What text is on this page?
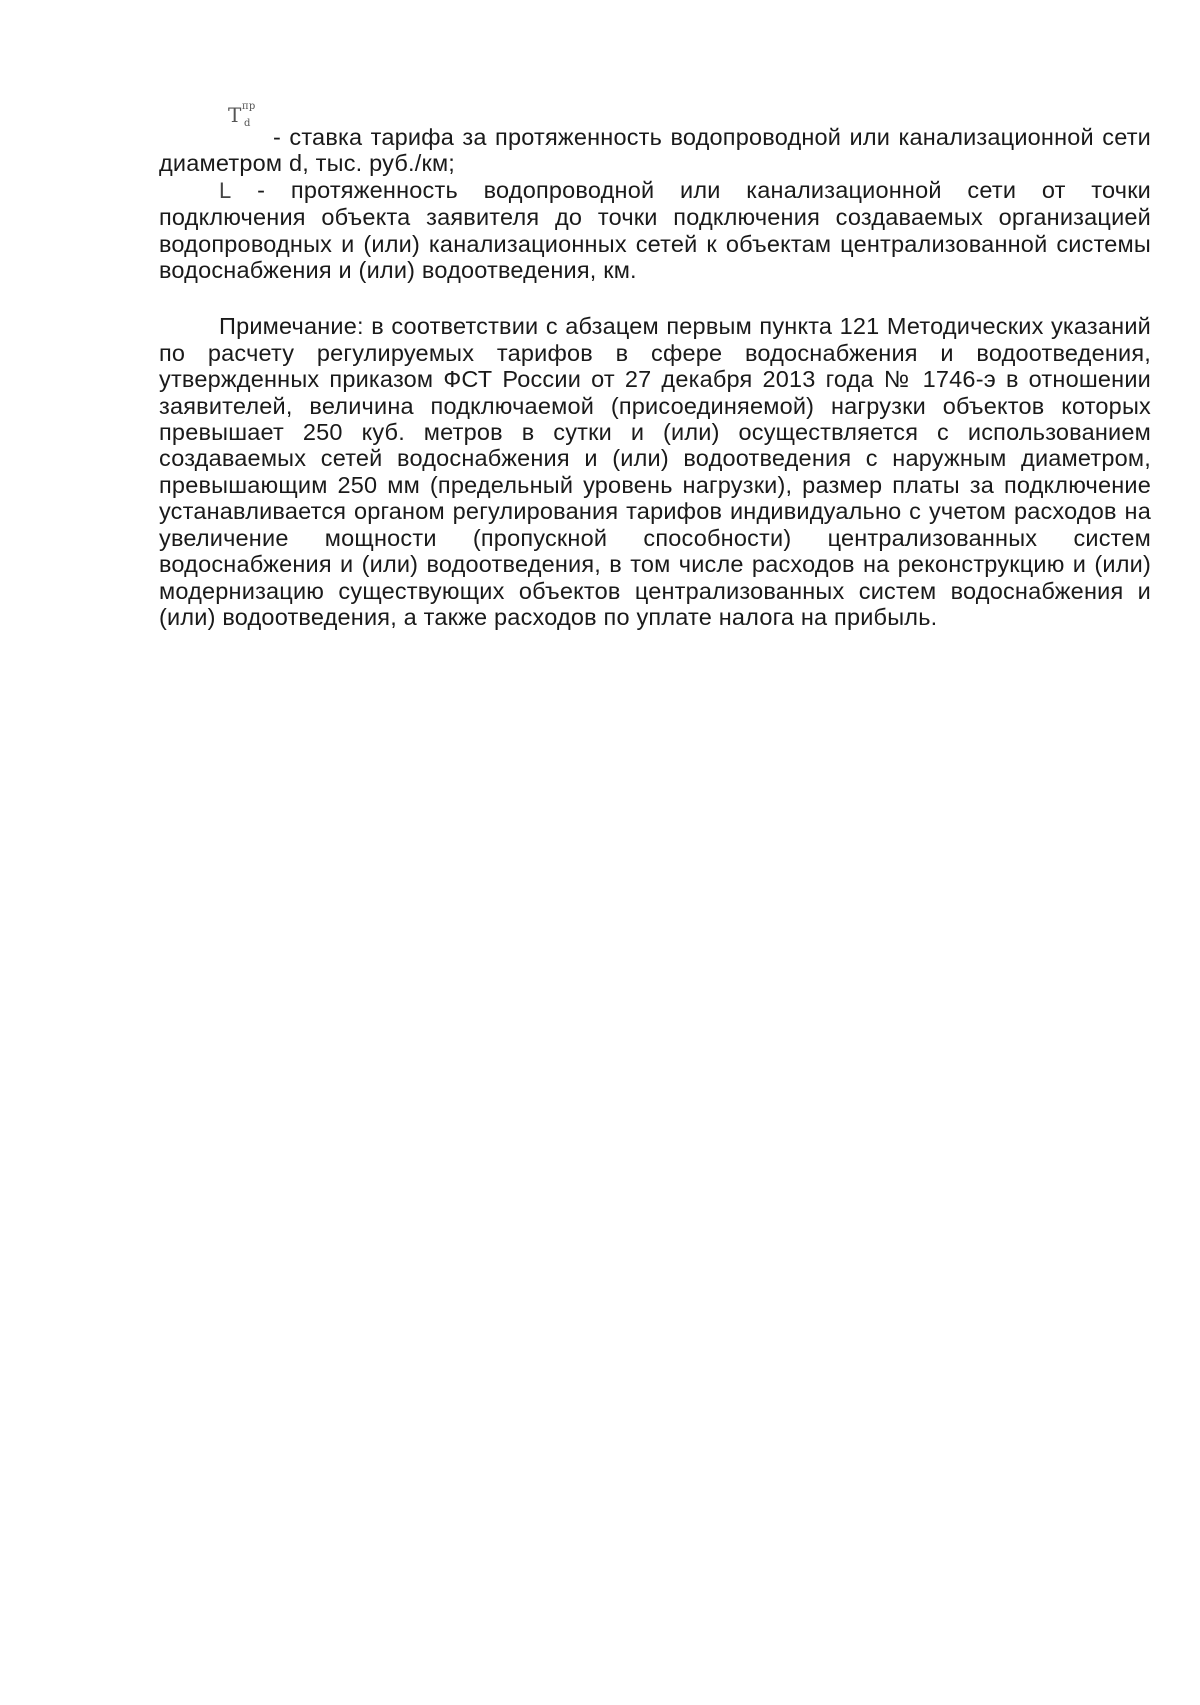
T пр
d
- ставка тарифа за протяженность водопроводной или канализационной сети диаметром d, тыс. руб./км;

L - протяженность водопроводной или канализационной сети от точки подключения объекта заявителя до точки подключения создаваемых организацией водопроводных и (или) канализационных сетей к объектам централизованной системы водоснабжения и (или) водоотведения, км.

Примечание: в соответствии с абзацем первым пункта 121 Методических указаний по расчету регулируемых тарифов в сфере водоснабжения и водоотведения, утвержденных приказом ФСТ России от 27 декабря 2013 года № 1746-э в отношении заявителей, величина подключаемой (присоединяемой) нагрузки объектов которых превышает 250 куб. метров в сутки и (или) осуществляется с использованием создаваемых сетей водоснабжения и (или) водоотведения с наружным диаметром, превышающим 250 мм (предельный уровень нагрузки), размер платы за подключение устанавливается органом регулирования тарифов индивидуально с учетом расходов на увеличение мощности (пропускной способности) централизованных систем водоснабжения и (или) водоотведения, в том числе расходов на реконструкцию и (или) модернизацию существующих объектов централизованных систем водоснабжения и (или) водоотведения, а также расходов по уплате налога на прибыль.
